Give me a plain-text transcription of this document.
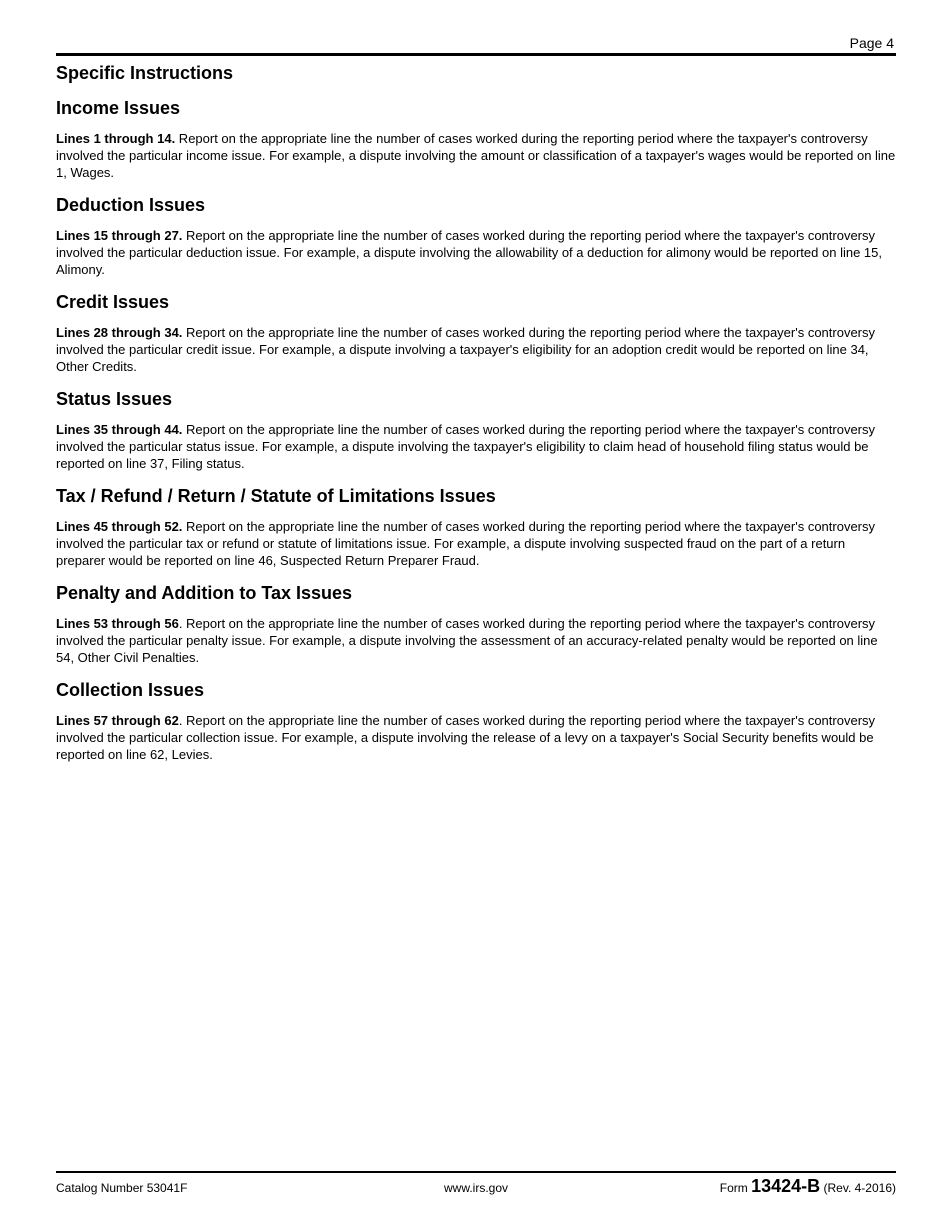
Page 4
Specific Instructions
Income Issues

Lines 1 through 14. Report on the appropriate line the number of cases worked during the reporting period where the taxpayer's controversy involved the particular income issue. For example, a dispute involving the amount or classification of a taxpayer's wages would be reported on line 1, Wages.

Deduction Issues

Lines 15 through 27. Report on the appropriate line the number of cases worked during the reporting period where the taxpayer's controversy involved the particular deduction issue. For example, a dispute involving the allowability of a deduction for alimony would be reported on line 15, Alimony.

Credit Issues

Lines 28 through 34. Report on the appropriate line the number of cases worked during the reporting period where the taxpayer's controversy involved the particular credit issue. For example, a dispute involving a taxpayer's eligibility for an adoption credit would be reported on line 34, Other Credits.

Status Issues

Lines 35 through 44. Report on the appropriate line the number of cases worked during the reporting period where the taxpayer's controversy involved the particular status issue. For example, a dispute involving the taxpayer's eligibility to claim head of household filing status would be reported on line 37, Filing status.

Tax / Refund / Return / Statute of Limitations Issues

Lines 45 through 52. Report on the appropriate line the number of cases worked during the reporting period where the taxpayer's controversy involved the particular tax or refund or statute of limitations issue. For example, a dispute involving suspected fraud on the part of a return preparer would be reported on line 46, Suspected Return Preparer Fraud.

Penalty and Addition to Tax Issues

Lines 53 through 56. Report on the appropriate line the number of cases worked during the reporting period where the taxpayer's controversy involved the particular penalty issue. For example, a dispute involving the assessment of an accuracy-related penalty would be reported on line 54, Other Civil Penalties.

Collection Issues

Lines 57 through 62. Report on the appropriate line the number of cases worked during the reporting period where the taxpayer's controversy involved the particular collection issue. For example, a dispute involving the release of a levy on a taxpayer's Social Security benefits would be reported on line 62, Levies.

Catalog Number 53041F	www.irs.gov	Form 13424-B (Rev. 4-2016)
